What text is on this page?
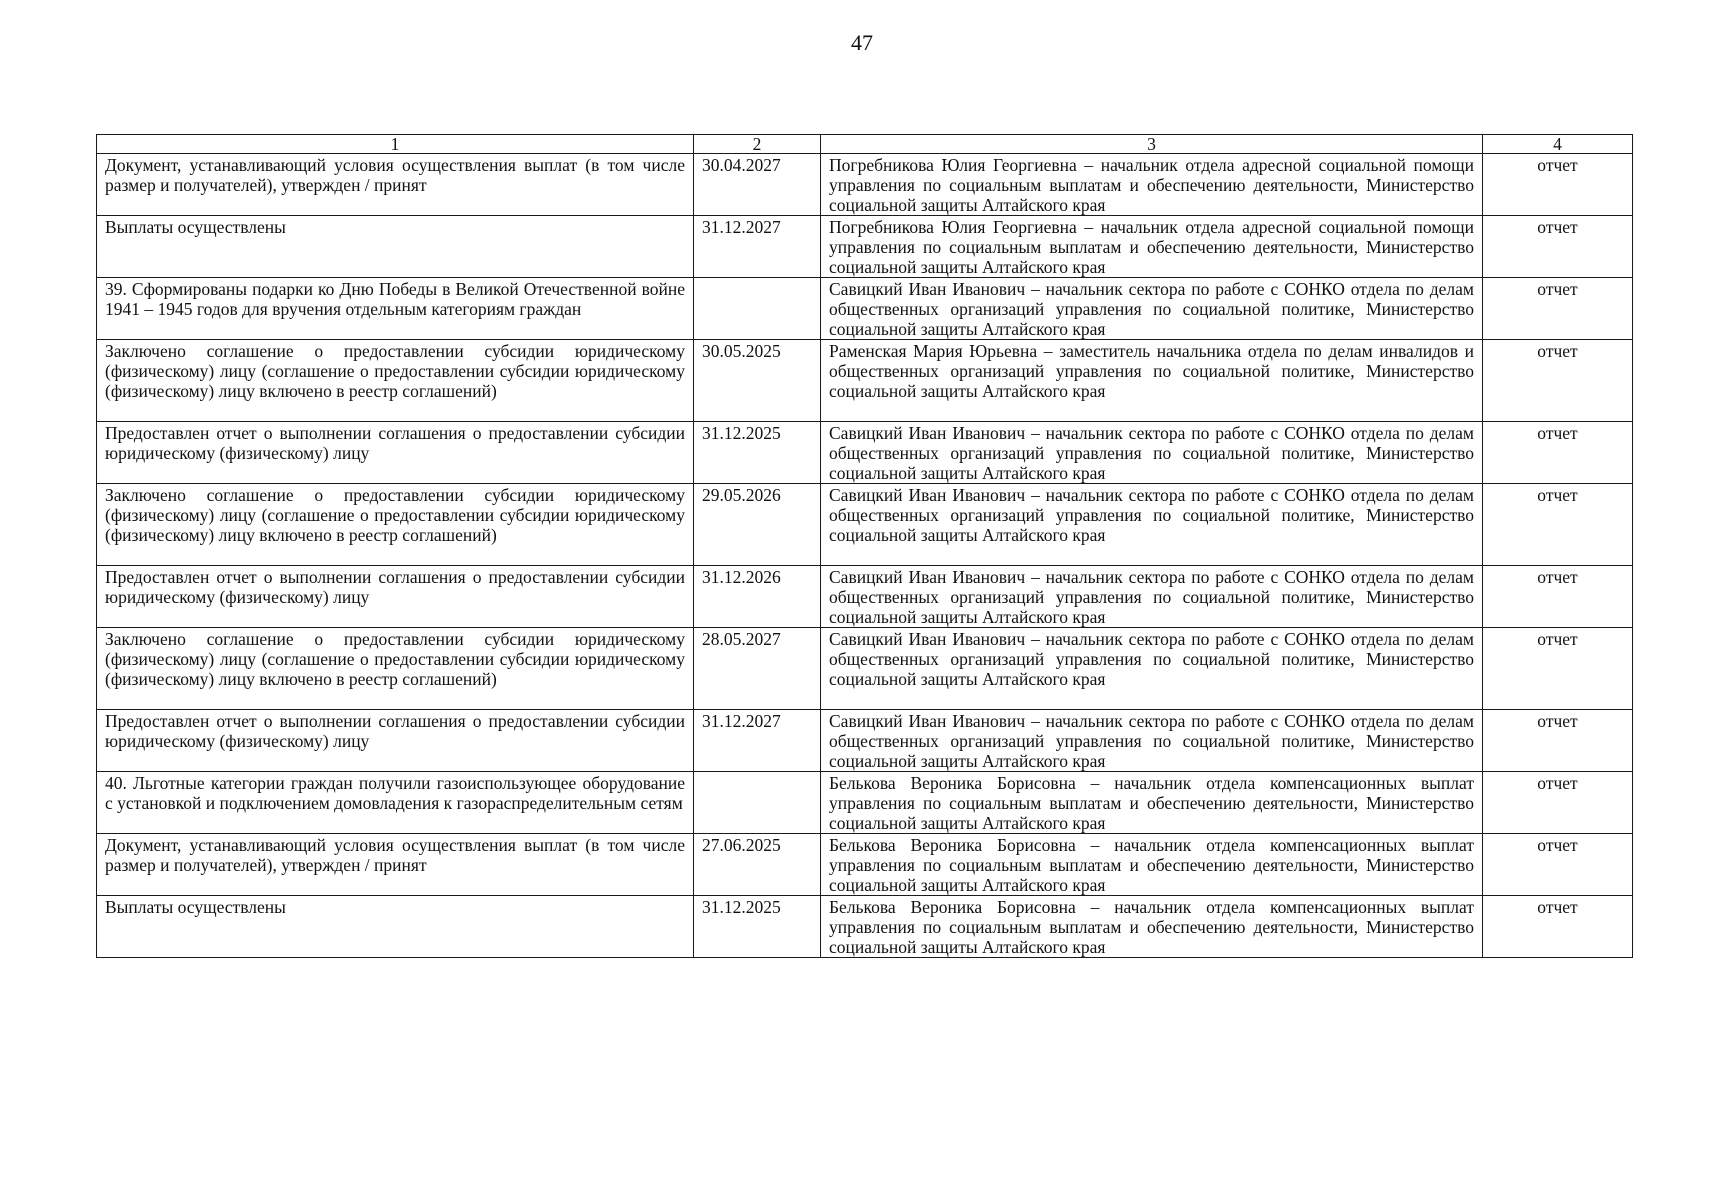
47
1	2	3	4
Документ, устанавливающий условия осуществления выплат (в том числе размер и получателей), утвержден / принят	30.04.2027	Погребникова Юлия Георгиевна – начальник отдела адресной социальной помощи управления по социальным выплатам и обеспечению деятельности, Министерство социальной защиты Алтайского края	отчет
Выплаты осуществлены	31.12.2027	Погребникова Юлия Георгиевна – начальник отдела адресной социальной помощи управления по социальным выплатам и обеспечению деятельности, Министерство социальной защиты Алтайского края	отчет
39. Сформированы подарки ко Дню Победы в Великой Отечественной войне 1941 – 1945 годов для вручения отдельным категориям граждан		Савицкий Иван Иванович – начальник сектора по работе с СОНКО отдела по делам общественных организаций управления по социальной политике, Министерство социальной защиты Алтайского края	отчет
Заключено соглашение о предоставлении субсидии юридическому (физическому) лицу (соглашение о предоставлении субсидии юридическому (физическому) лицу включено в реестр соглашений)	30.05.2025	Раменская Мария Юрьевна – заместитель начальника отдела по делам инвалидов и общественных организаций управления по социальной политике, Министерство социальной защиты Алтайского края	отчет
Предоставлен отчет о выполнении соглашения о предоставлении субсидии юридическому (физическому) лицу	31.12.2025	Савицкий Иван Иванович – начальник сектора по работе с СОНКО отдела по делам общественных организаций управления по социальной политике, Министерство социальной защиты Алтайского края	отчет
Заключено соглашение о предоставлении субсидии юридическому (физическому) лицу (соглашение о предоставлении субсидии юридическому (физическому) лицу включено в реестр соглашений)	29.05.2026	Савицкий Иван Иванович – начальник сектора по работе с СОНКО отдела по делам общественных организаций управления по социальной политике, Министерство социальной защиты Алтайского края	отчет
Предоставлен отчет о выполнении соглашения о предоставлении субсидии юридическому (физическому) лицу	31.12.2026	Савицкий Иван Иванович – начальник сектора по работе с СОНКО отдела по делам общественных организаций управления по социальной политике, Министерство социальной защиты Алтайского края	отчет
Заключено соглашение о предоставлении субсидии юридическому (физическому) лицу (соглашение о предоставлении субсидии юридическому (физическому) лицу включено в реестр соглашений)	28.05.2027	Савицкий Иван Иванович – начальник сектора по работе с СОНКО отдела по делам общественных организаций управления по социальной политике, Министерство социальной защиты Алтайского края	отчет
Предоставлен отчет о выполнении соглашения о предоставлении субсидии юридическому (физическому) лицу	31.12.2027	Савицкий Иван Иванович – начальник сектора по работе с СОНКО отдела по делам общественных организаций управления по социальной политике, Министерство социальной защиты Алтайского края	отчет
40. Льготные категории граждан получили газоиспользующее оборудование с установкой и подключением домовладения к газораспределительным сетям		Белькова Вероника Борисовна – начальник отдела компенсационных выплат управления по социальным выплатам и обеспечению деятельности, Министерство социальной защиты Алтайского края	отчет
Документ, устанавливающий условия осуществления выплат (в том числе размер и получателей), утвержден / принят	27.06.2025	Белькова Вероника Борисовна – начальник отдела компенсационных выплат управления по социальным выплатам и обеспечению деятельности, Министерство социальной защиты Алтайского края	отчет
Выплаты осуществлены	31.12.2025	Белькова Вероника Борисовна – начальник отдела компенсационных выплат управления по социальным выплатам и обеспечению деятельности, Министерство социальной защиты Алтайского края	отчет
